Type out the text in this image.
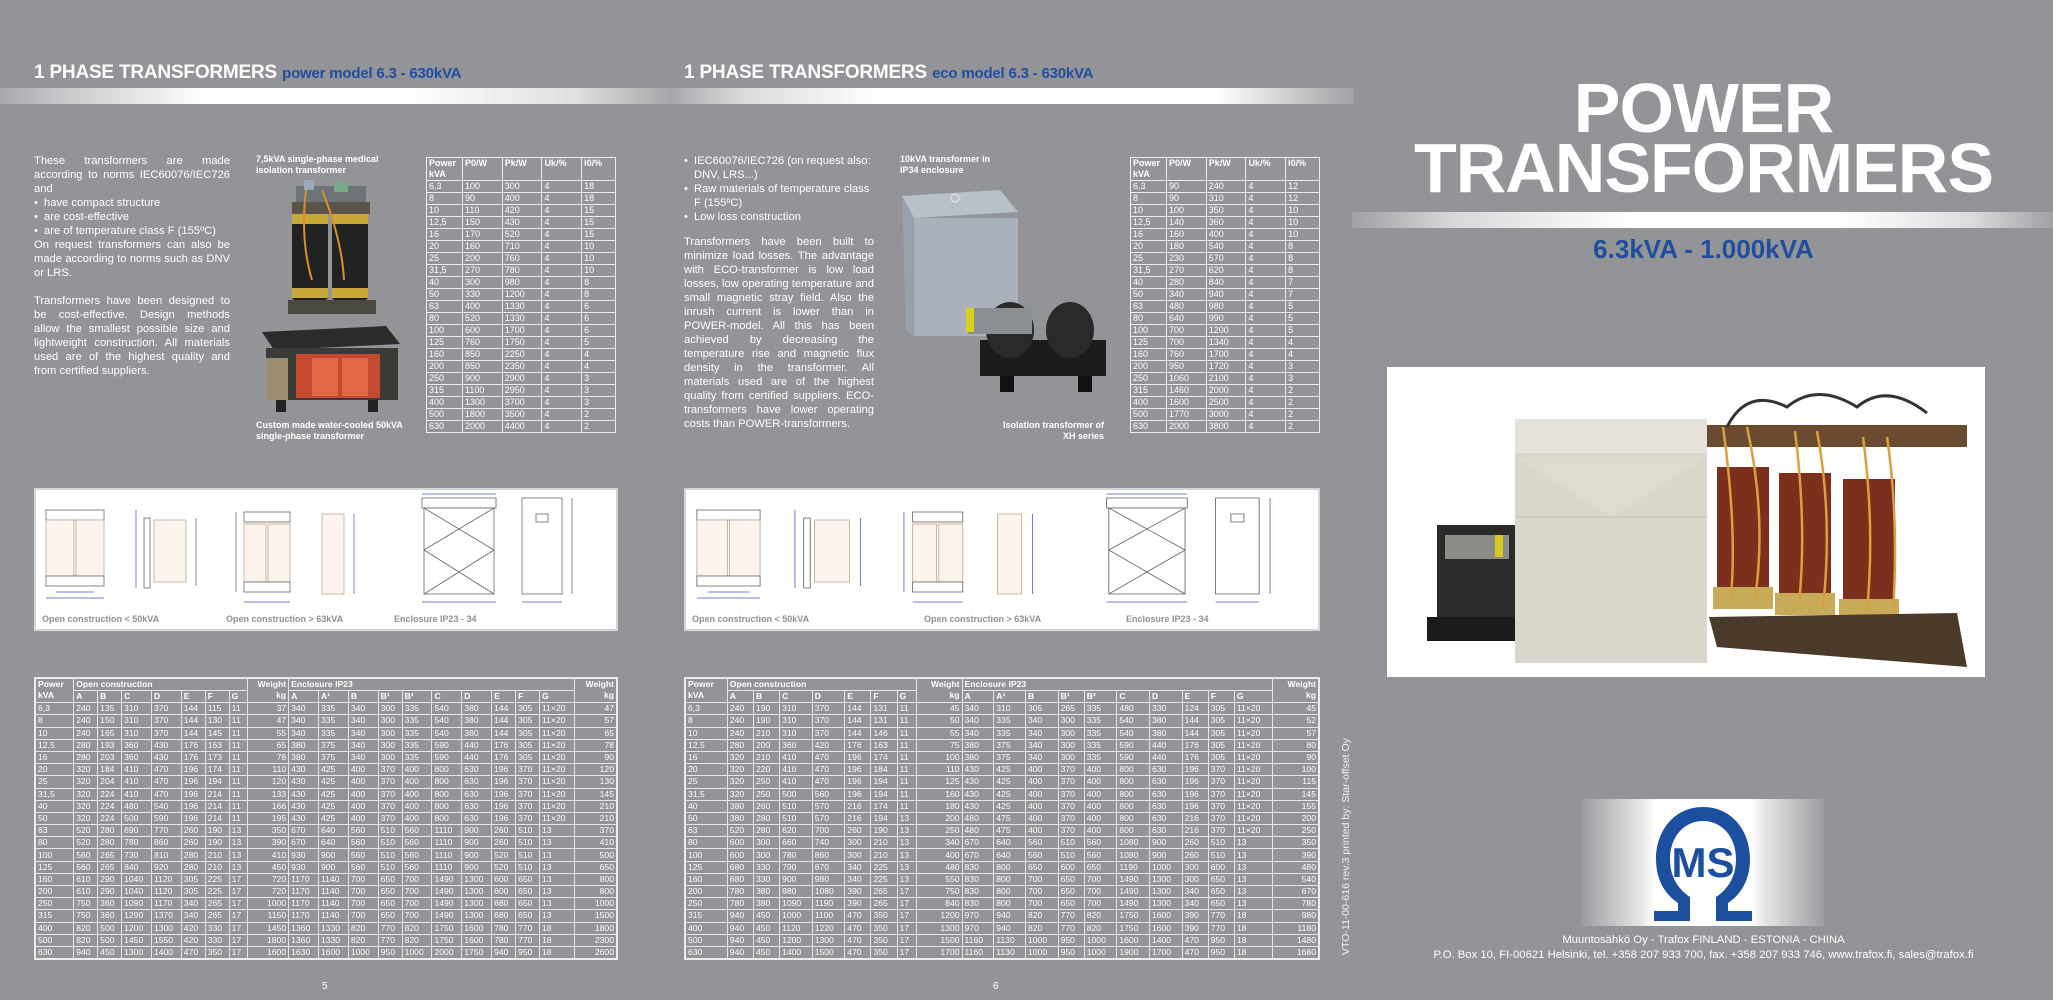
1 PHASE TRANSFORMERS power model 6.3 - 630kVA
These transformers are made according to norms IEC60076/IEC726 and
• have compact structure
• are cost-effective
• are of temperature class F (155ºC)
On request transformers can also be made according to norms such as DNV or LRS.
Transformers have been designed to be cost-effective. Design methods allow the smallest possible size and lightweight construction. All materials used are of the highest quality and from certified suppliers.
7,5kVA single-phase medical isolation transformer
Custom made water-cooled 50kVA single-phase transformer
Power kVA	P0/W	Pk/W	Uk/%	I0/%
6,3	100	300	4	18
8	90	400	4	18
10	110	420	4	15
12,5	150	430	4	15
16	170	520	4	15
20	160	710	4	10
25	200	760	4	10
31,5	270	780	4	10
40	300	980	4	8
50	330	1200	4	8
63	400	1330	4	6
80	520	1330	4	6
100	600	1700	4	6
125	760	1750	4	5
160	850	2250	4	4
200	850	2350	4	4
250	900	2900	4	3
315	1100	2950	4	3
400	1300	3700	4	3
500	1800	3500	4	2
630	2000	4400	4	2
Open construction < 50kVA	Open construction > 63kVA	Enclosure IP23 - 34
Power
kVA	Open construction							Weight
kg	Enclosure IP23										Weight
kg
	A	B	C	D	E	F	G		A	A¹	B	B¹	B²	C	D	E	F	G	
6,3	240	135	310	370	144	115	11	37	340	335	340	300	335	540	380	144	305	11×20	47
8	240	150	310	370	144	130	11	47	340	335	340	300	335	540	380	144	305	11×20	57
10	240	165	310	370	144	145	11	55	340	335	340	300	335	540	380	144	305	11×20	65
12,5	280	193	360	430	176	163	11	65	380	375	340	300	335	590	440	176	305	11×20	78
16	280	203	360	430	176	173	11	78	380	375	340	300	335	590	440	176	305	11×20	90
20	320	184	410	470	196	174	11	110	430	425	400	370	400	800	630	196	370	11×20	120
25	320	204	410	470	196	194	11	120	430	425	400	370	400	800	630	196	370	11×20	130
31,5	320	224	410	470	196	214	11	133	430	425	400	370	400	800	630	196	370	11×20	145
40	320	224	480	540	196	214	11	166	430	425	400	370	400	800	630	196	370	11×20	210
50	320	224	500	590	196	214	11	195	430	425	400	370	400	800	630	196	370	11×20	210
63	520	280	690	770	260	190	13	350	670	640	560	510	560	1110	900	260	510	13	370
80	520	280	780	860	260	190	13	390	670	640	560	510	560	1110	900	260	510	13	410
100	560	265	730	810	280	210	13	410	930	900	560	510	560	1110	900	520	510	13	500
125	560	265	840	920	280	210	13	450	930	900	560	510	560	1110	900	520	510	13	650
160	610	290	1040	1120	305	225	17	720	1170	1140	700	650	700	1490	1300	600	650	13	800
200	610	290	1040	1120	305	225	17	720	1170	1140	700	650	700	1490	1300	600	650	13	800
250	750	360	1090	1170	340	265	17	1000	1170	1140	700	650	700	1490	1300	680	650	13	1000
315	750	360	1290	1370	340	265	17	1150	1170	1140	700	650	700	1490	1300	680	650	13	1500
400	820	500	1200	1300	420	330	17	1450	1360	1330	820	770	820	1750	1600	780	770	18	1800
500	820	500	1450	1550	420	330	17	1800	1360	1330	820	770	820	1750	1600	780	770	18	2300
630	940	450	1300	1400	470	350	17	1600	1630	1600	1000	950	1000	2000	1750	940	950	18	2600
5
1 PHASE TRANSFORMERS eco model 6.3 - 630kVA
• IEC60076/IEC726 (on request also: DNV, LRS...)
• Raw materials of temperature class F (155ºC)
• Low loss construction
Transformers have been built to minimize load losses. The advantage with ECO-transformer is low load losses, low operating temperature and small magnetic stray field. Also the inrush current is lower than in POWER-model. All this has been achieved by decreasing the temperature rise and magnetic flux density in the transformer. All materials used are of the highest quality from certified suppliers. ECO-transformers have lower operating costs than POWER-transformers.
10kVA transformer in IP34 enclosure
Isolation transformer of XH series
Power kVA	P0/W	Pk/W	Uk/%	I0/%
6,3	90	240	4	12
8	90	310	4	12
10	100	350	4	10
12,5	140	360	4	10
16	160	400	4	10
20	180	540	4	8
25	230	570	4	8
31,5	270	620	4	8
40	280	840	4	7
50	340	940	4	7
63	480	980	4	5
80	640	990	4	5
100	700	1200	4	5
125	700	1340	4	4
160	760	1700	4	4
200	950	1720	4	3
250	1060	2100	4	3
315	1460	2000	4	2
400	1600	2500	4	2
500	1770	3000	4	2
630	2000	3800	4	2
Open construction < 50kVA	Open construction > 63kVA	Enclosure IP23 - 34
Power
kVA	Open construction							Weight
kg	Enclosure IP23										Weight
kg
	A	B	C	D	E	F	G		A	A¹	B	B¹	B²	C	D	E	F	G	
6,3	240	190	310	370	144	131	11	45	340	310	305	265	335	480	330	124	305	11×20	45
8	240	190	310	370	144	131	11	50	340	335	340	300	335	540	380	144	305	11×20	52
10	240	210	310	370	144	146	11	55	340	335	340	300	335	540	380	144	305	11×20	57
12,5	280	200	360	420	176	163	11	75	380	375	340	300	335	590	440	176	305	11×20	80
16	320	210	410	470	196	174	11	100	380	375	340	300	335	590	440	176	305	11×20	90
20	320	220	410	470	196	184	11	110	430	425	400	370	400	800	630	196	370	11×20	100
25	320	250	410	470	196	194	11	125	430	425	400	370	400	800	630	196	370	11×20	115
31,5	320	250	500	560	196	194	11	160	430	425	400	370	400	800	630	196	370	11×20	145
40	380	260	510	570	216	174	11	180	430	425	400	370	400	800	630	196	370	11×20	155
50	380	280	510	570	216	194	13	200	480	475	400	370	400	800	630	216	370	11×20	200
63	520	280	620	700	260	190	13	250	480	475	400	370	400	800	630	216	370	11×20	250
80	600	300	660	740	300	210	13	340	670	640	560	510	560	1080	900	260	510	13	350
100	600	300	780	860	300	210	13	400	670	640	560	510	560	1080	900	260	510	13	390
125	680	330	790	870	340	225	13	480	830	800	650	600	650	1190	1000	300	600	13	480
160	680	330	900	980	340	225	13	550	830	800	700	650	700	1490	1300	300	650	13	540
200	780	380	980	1080	390	265	17	750	830	800	700	650	700	1490	1300	340	650	13	670
250	780	380	1090	1190	390	265	17	840	830	800	700	650	700	1490	1300	340	650	13	780
315	940	450	1000	1100	470	350	17	1200	970	940	820	770	820	1750	1600	390	770	18	980
400	940	450	1120	1220	470	350	17	1300	970	940	820	770	820	1750	1600	390	770	18	1180
500	940	450	1200	1300	470	350	17	1500	1160	1130	1000	950	1000	1600	1400	470	950	18	1480
630	940	450	1400	1500	470	350	17	1700	1160	1130	1000	950	1000	1900	1700	470	950	18	1680
6
VTO-11-00-616 rev.3 printed by: Star-offset Oy
POWER
TRANSFORMERS
6.3kVA - 1.000kVA
MS
Muuntosähkö Oy - Trafox FINLAND - ESTONIA - CHINA
P.O. Box 10, FI-00621 Helsinki, tel. +358 207 933 700, fax. +358 207 933 746, www.trafox.fi, sales@trafox.fi
